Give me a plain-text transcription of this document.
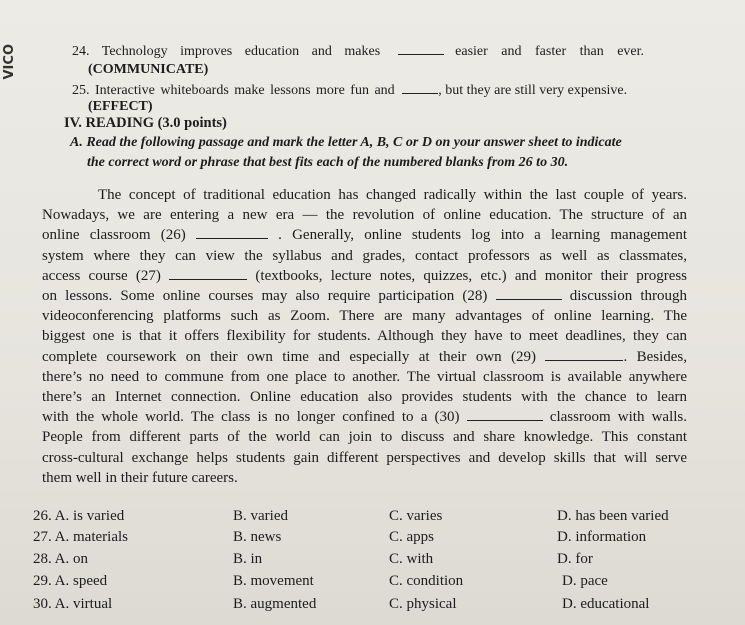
VICO	24. Technology improves education and makes	easier and faster than ever.
(COMMUNICATE)
25. Interactive whiteboards make lessons more fun and	, but they are still very expensive.
(EFFECT)
IV. READING (3.0 points)
A. Read the following passage and mark the letter A, B, C or D on your answer sheet to indicate
the correct word or phrase that best fits each of the numbered blanks from 26 to 30.
The concept of traditional education has changed radically within the last couple of years.
Nowadays, we are entering a new era — the revolution of online education. The structure of an
online classroom (26)	. Generally, online students log into a learning management
system where they can view the syllabus and grades, contact professors as well as classmates,
access course (27)	(textbooks, lecture notes, quizzes, etc.) and monitor their progress
on lessons. Some online courses may also require participation (28)	discussion through
videoconferencing platforms such as Zoom. There are many advantages of online learning. The
biggest one is that it offers flexibility for students. Although they have to meet deadlines, they can
complete coursework on their own time and especially at their own (29)	. Besides,
there’s no need to commune from one place to another. The virtual classroom is available anywhere
there’s an Internet connection. Online education also provides students with the chance to learn
with the whole world. The class is no longer confined to a (30)	classroom with walls.
People from different parts of the world can join to discuss and share knowledge. This constant
cross-cultural exchange helps students gain different perspectives and develop skills that will serve
them well in their future careers.
26. A. is varied	B. varied	C. varies	D. has been varied
27. A. materials	B. news	C. apps	D. information
28. A. on	B. in	C. with	D. for
29. A. speed	B. movement	C. condition	D. pace
30. A. virtual	B. augmented	C. physical	D. educational
